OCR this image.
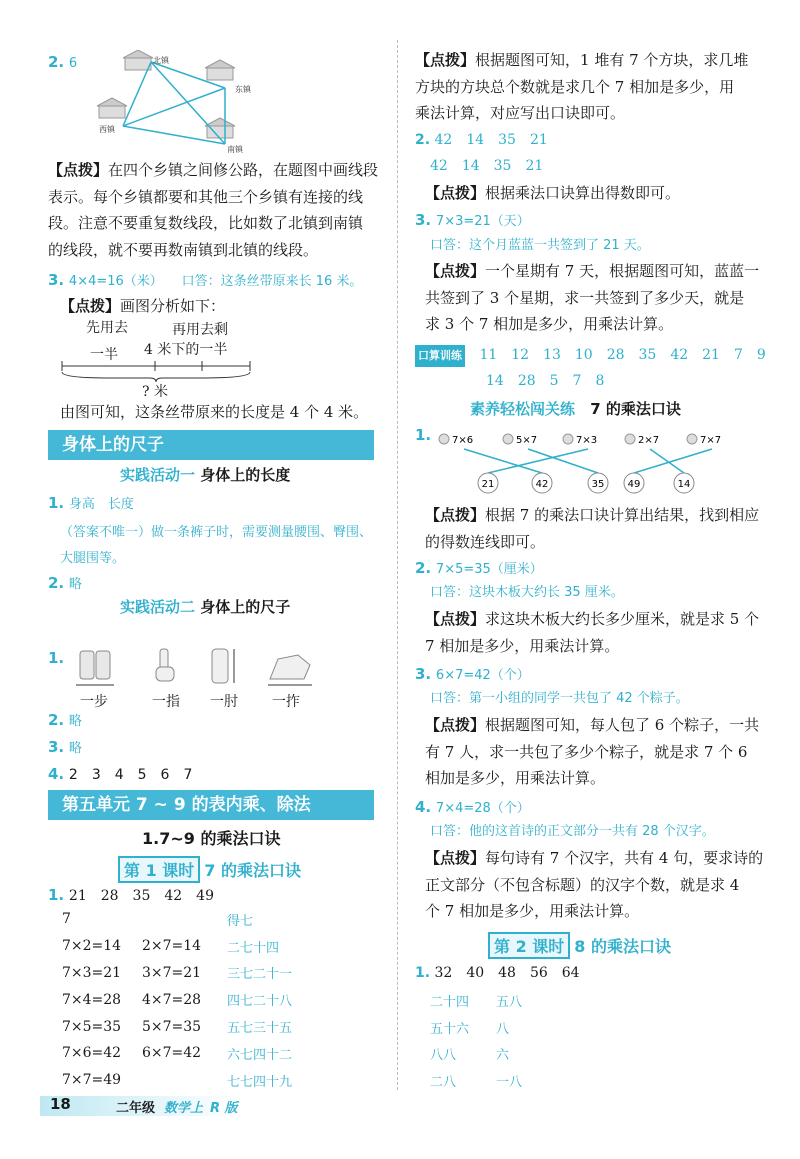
2. 6	北镇
东镇
西镇
南镇
【点拨】在四个乡镇之间修公路，在题图中画线段
表示。每个乡镇都要和其他三个乡镇有连接的线
段。注意不要重复数线段，比如数了北镇到南镇
的线段，就不要再数南镇到北镇的线段。
3. 4×4=16（米） 口答：这条丝带原来长 16 米。
【点拨】画图分析如下：
先用去	再用去剩
一半 4 米下的一半
? 米
由图可知，这条丝带原来的长度是 4 个 4 米。
身体上的尺子
实践活动一 身体上的长度
1. 身高　长度
（答案不唯一）做一条裤子时，需要测量腰围、臀围、
大腿围等。
2. 略
实践活动二 身体上的尺子
1.
一步	一指 一肘 一拃
2. 略
3. 略
4. 2　3　4　5　6　7
第五单元 7 ~ 9 的表内乘、除法
1.7~9 的乘法口诀
第 1 课时 7 的乘法口诀
1. 21　28　35　42　49
7		得七
7×2=14	2×7=14	二七十四
7×3=21	3×7=21	三七二十一
7×4=28	4×7=28	四七二十八
7×5=35	5×7=35	五七三十五
7×6=42	6×7=42	六七四十二
7×7=49		七七四十九
【点拨】根据题图可知，1 堆有 7 个方块，求几堆
方块的方块总个数就是求几个 7 相加是多少，用
乘法计算，对应写出口诀即可。
2. 42　14　35　21
42　14　35　21
【点拨】根据乘法口诀算出得数即可。
3. 7×3=21（天）
口答：这个月蓝蓝一共签到了 21 天。
【点拨】一个星期有 7 天，根据题图可知，蓝蓝一
共签到了 3 个星期，求一共签到了多少天，就是
求 3 个 7 相加是多少，用乘法计算。
口算训练 11　12　13　10　28　35　42　21　7　9
14　28　5　7　8
素养轻松闯关练 7 的乘法口诀
1. 7×6	5×7	7×3	2×7	7×7
21	42	35 49	14
【点拨】根据 7 的乘法口诀计算出结果，找到相应
的得数连线即可。
2. 7×5=35（厘米）
口答：这块木板大约长 35 厘米。
【点拨】求这块木板大约长多少厘米，就是求 5 个
7 相加是多少，用乘法计算。
3. 6×7=42（个）
口答：第一小组的同学一共包了 42 个粽子。
【点拨】根据题图可知，每人包了 6 个粽子，一共
有 7 人，求一共包了多少个粽子，就是求 7 个 6
相加是多少，用乘法计算。
4. 7×4=28（个）
口答：他的这首诗的正文部分一共有 28 个汉字。
【点拨】每句诗有 7 个汉字，共有 4 句，要求诗的
正文部分（不包含标题）的汉字个数，就是求 4
个 7 相加是多少，用乘法计算。
第 2 课时 8 的乘法口诀
1. 32　40　48　56　64
二十四	五八
五十六	八
八八	六
二八	一八
18	二年级 数学上 R 版
